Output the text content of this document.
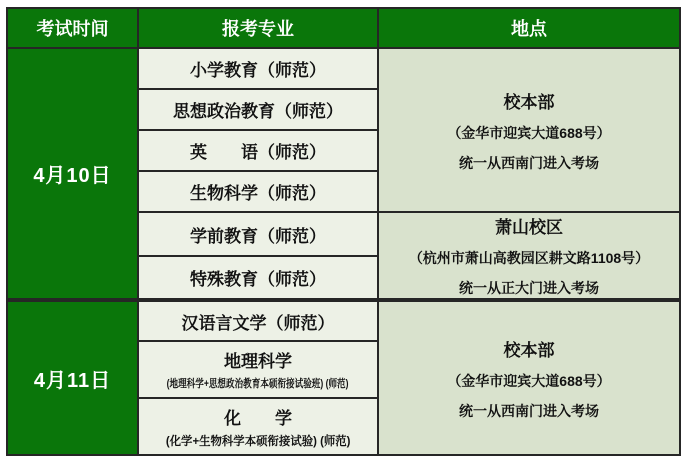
考试时间	报考专业	地点
4月10日	小学教育（师范）	校本部
（金华市迎宾大道688号）
统一从西南门进入考场

	思想政治教育（师范）	
	英　　语（师范）	
	生物科学（师范）	
	学前教育（师范）	萧山校区
（杭州市萧山高教园区耕文路1108号）
统一从正大门进入考场

	特殊教育（师范）	
4月11日	汉语言文学（师范）	校本部
（金华市迎宾大道688号）
统一从西南门进入考场

	地理科学
(地理科学+思想政治教育本硕衔接试验班) (师范)	

	化　　学
(化学+生物科学本硕衔接试验) (师范)	
